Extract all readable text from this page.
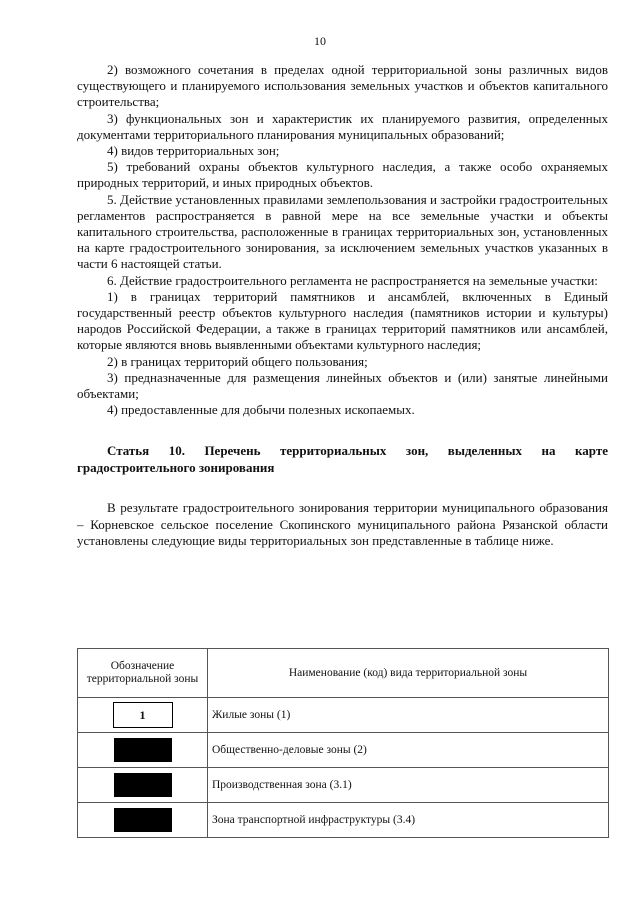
10

2) возможного сочетания в пределах одной территориальной зоны различных видов существующего и планируемого использования земельных участков и объектов капитального строительства;

3) функциональных зон и характеристик их планируемого развития, определенных документами территориального планирования муниципальных образований;

4) видов территориальных зон;

5) требований охраны объектов культурного наследия, а также особо охраняемых природных территорий, и иных природных объектов.

5. Действие установленных правилами землепользования и застройки градостроительных регламентов распространяется в равной мере на все земельные участки и объекты капитального строительства, расположенные в границах территориальных зон, установленных на карте градостроительного зонирования, за исключением земельных участков указанных в части 6 настоящей статьи.

6. Действие градостроительного регламента не распространяется на земельные участки:

1) в границах территорий памятников и ансамблей, включенных в Единый государственный реестр объектов культурного наследия (памятников истории и культуры) народов Российской Федерации, а также в границах территорий памятников или ансамблей, которые являются вновь выявленными объектами культурного наследия;

2) в границах территорий общего пользования;

3) предназначенные для размещения линейных объектов и (или) занятые линейными объектами;

4) предоставленные для добычи полезных ископаемых.

Статья 10. Перечень территориальных зон, выделенных на карте градостроительного зонирования

В результате градостроительного зонирования территории муниципального образования – Корневское сельское поселение Скопинского муниципального района Рязанской области установлены следующие виды территориальных зон представленные в таблице ниже.

Обозначение территориальной зоны	Наименование (код) вида территориальной зоны
1	Жилые зоны (1)
	Общественно-деловые зоны (2)
	Производственная зона (3.1)
	Зона транспортной инфраструктуры (3.4)
